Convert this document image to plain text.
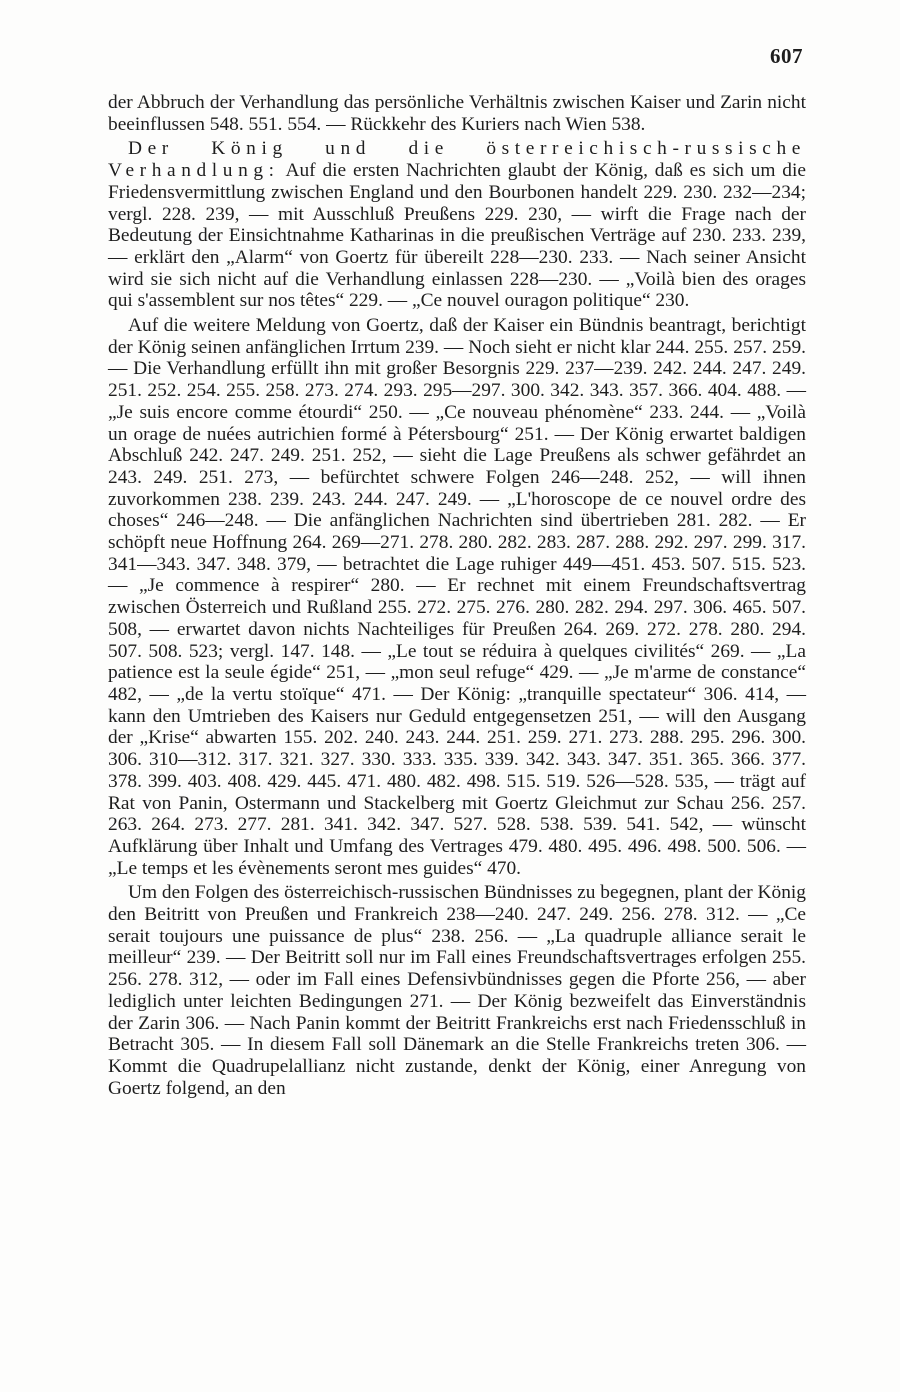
607

der Abbruch der Verhandlung das persönliche Verhältnis zwischen Kaiser und Zarin nicht beeinflussen 548. 551. 554. — Rückkehr des Kuriers nach Wien 538.

Der König und die österreichisch-russische Verhandlung: Auf die ersten Nachrichten glaubt der König, daß es sich um die Friedensvermittlung zwischen England und den Bourbonen handelt 229. 230. 232—234; vergl. 228. 239, — mit Ausschluß Preußens 229. 230, — wirft die Frage nach der Bedeutung der Einsichtnahme Katharinas in die preußischen Verträge auf 230. 233. 239, — erklärt den „Alarm“ von Goertz für übereilt 228—230. 233. — Nach seiner Ansicht wird sie sich nicht auf die Verhandlung einlassen 228—230. — „Voilà bien des orages qui s'assemblent sur nos têtes“ 229. — „Ce nouvel ouragon politique“ 230.

Auf die weitere Meldung von Goertz, daß der Kaiser ein Bündnis beantragt, berichtigt der König seinen anfänglichen Irrtum 239. — Noch sieht er nicht klar 244. 255. 257. 259. — Die Verhandlung erfüllt ihn mit großer Besorgnis 229. 237—239. 242. 244. 247. 249. 251. 252. 254. 255. 258. 273. 274. 293. 295—297. 300. 342. 343. 357. 366. 404. 488. — „Je suis encore comme étourdi“ 250. — „Ce nouveau phénomène“ 233. 244. — „Voilà un orage de nuées autrichien formé à Pétersbourg“ 251. — Der König erwartet baldigen Abschluß 242. 247. 249. 251. 252, — sieht die Lage Preußens als schwer gefährdet an 243. 249. 251. 273, — befürchtet schwere Folgen 246—248. 252, — will ihnen zuvorkommen 238. 239. 243. 244. 247. 249. — „L'horoscope de ce nouvel ordre des choses“ 246—248. — Die anfänglichen Nachrichten sind übertrieben 281. 282. — Er schöpft neue Hoffnung 264. 269—271. 278. 280. 282. 283. 287. 288. 292. 297. 299. 317. 341—343. 347. 348. 379, — betrachtet die Lage ruhiger 449—451. 453. 507. 515. 523. — „Je commence à respirer“ 280. — Er rechnet mit einem Freundschaftsvertrag zwischen Österreich und Rußland 255. 272. 275. 276. 280. 282. 294. 297. 306. 465. 507. 508, — erwartet davon nichts Nachteiliges für Preußen 264. 269. 272. 278. 280. 294. 507. 508. 523; vergl. 147. 148. — „Le tout se réduira à quelques civilités“ 269. — „La patience est la seule égide“ 251, — „mon seul refuge“ 429. — „Je m'arme de constance“ 482, — „de la vertu stoïque“ 471. — Der König: „tranquille spectateur“ 306. 414, — kann den Umtrieben des Kaisers nur Geduld entgegensetzen 251, — will den Ausgang der „Krise“ abwarten 155. 202. 240. 243. 244. 251. 259. 271. 273. 288. 295. 296. 300. 306. 310—312. 317. 321. 327. 330. 333. 335. 339. 342. 343. 347. 351. 365. 366. 377. 378. 399. 403. 408. 429. 445. 471. 480. 482. 498. 515. 519. 526—528. 535, — trägt auf Rat von Panin, Ostermann und Stackelberg mit Goertz Gleichmut zur Schau 256. 257. 263. 264. 273. 277. 281. 341. 342. 347. 527. 528. 538. 539. 541. 542, — wünscht Aufklärung über Inhalt und Umfang des Vertrages 479. 480. 495. 496. 498. 500. 506. — „Le temps et les évènements seront mes guides“ 470.

Um den Folgen des österreichisch-russischen Bündnisses zu begegnen, plant der König den Beitritt von Preußen und Frankreich 238—240. 247. 249. 256. 278. 312. — „Ce serait toujours une puissance de plus“ 238. 256. — „La quadruple alliance serait le meilleur“ 239. — Der Beitritt soll nur im Fall eines Freundschaftsvertrages erfolgen 255. 256. 278. 312, — oder im Fall eines Defensivbündnisses gegen die Pforte 256, — aber lediglich unter leichten Bedingungen 271. — Der König bezweifelt das Einverständnis der Zarin 306. — Nach Panin kommt der Beitritt Frankreichs erst nach Friedensschluß in Betracht 305. — In diesem Fall soll Dänemark an die Stelle Frankreichs treten 306. — Kommt die Quadrupelallianz nicht zustande, denkt der König, einer Anregung von Goertz folgend, an den
